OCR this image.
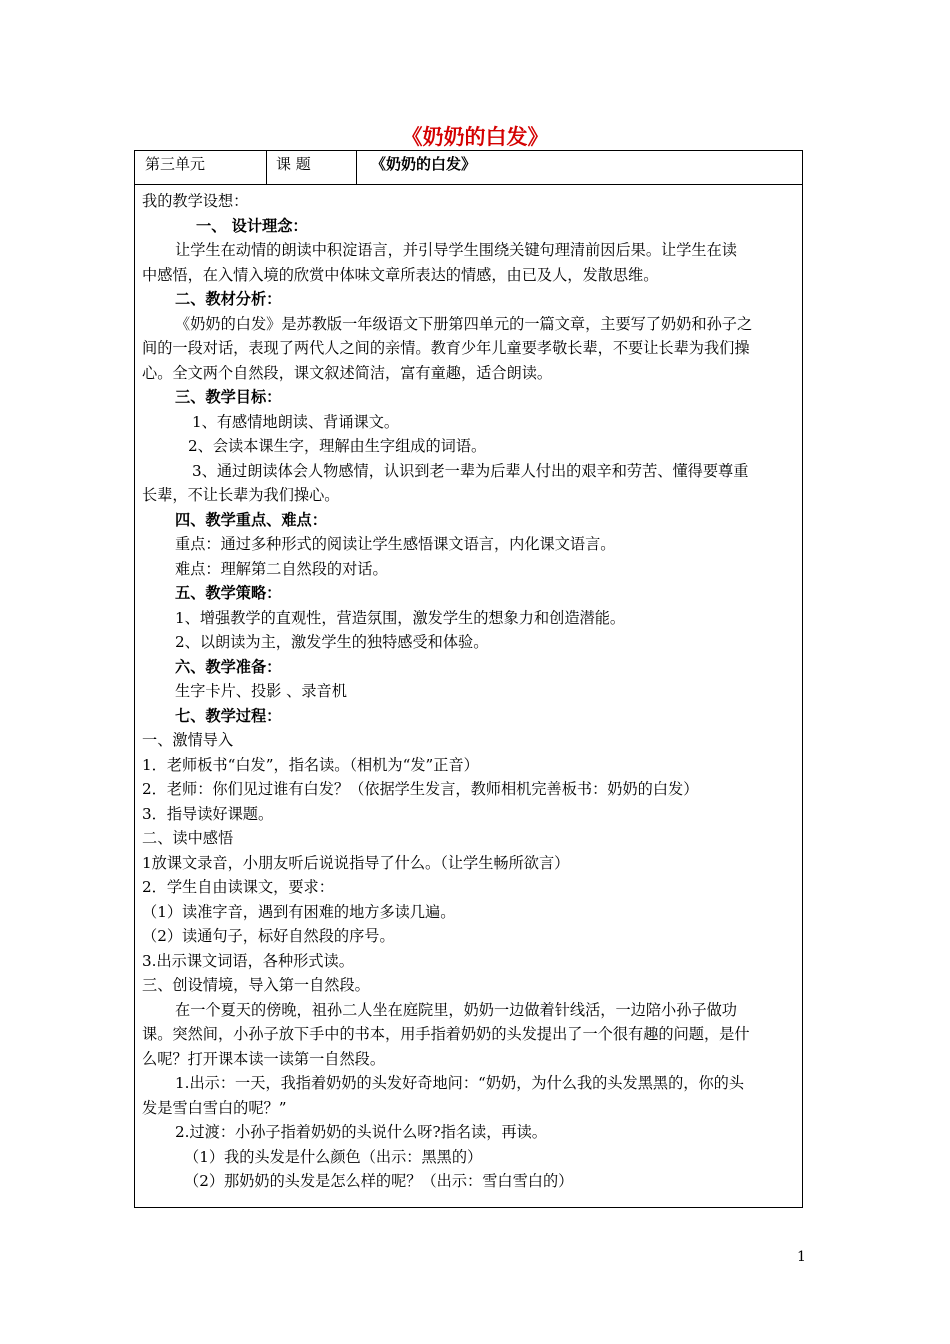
《奶奶的白发》
第三单元	课 题	《奶奶的白发》

我的教学设想：

一、 设计理念：

让学生在动情的朗读中积淀语言，并引导学生围绕关键句理清前因后果。让学生在读

中感悟，在入情入境的欣赏中体味文章所表达的情感，由已及人，发散思维。

二、教材分析：

《奶奶的白发》是苏教版一年级语文下册第四单元的一篇文章，主要写了奶奶和孙子之

间的一段对话，表现了两代人之间的亲情。教育少年儿童要孝敬长辈，不要让长辈为我们操

心。全文两个自然段，课文叙述简洁，富有童趣，适合朗读。

三、教学目标：

1、有感情地朗读、背诵课文。

2、会读本课生字，理解由生字组成的词语。

3、通过朗读体会人物感情，认识到老一辈为后辈人付出的艰辛和劳苦、懂得要尊重

长辈，不让长辈为我们操心。

四、教学重点、难点：

重点：通过多种形式的阅读让学生感悟课文语言，内化课文语言。

难点：理解第二自然段的对话。

五、教学策略：

1、增强教学的直观性，营造氛围，激发学生的想象力和创造潜能。

2、以朗读为主，激发学生的独特感受和体验。

六、教学准备：

生字卡片、投影 、录音机

七、教学过程：

一、激情导入

1．老师板书“白发”，指名读。（相机为“发”正音）

2．老师：你们见过谁有白发？（依据学生发言，教师相机完善板书：奶奶的白发）

3．指导读好课题。

二、读中感悟

1放课文录音，小朋友听后说说指导了什么。（让学生畅所欲言）

2．学生自由读课文，要求：

（1）读准字音，遇到有困难的地方多读几遍。

（2）读通句子，标好自然段的序号。

3.出示课文词语，各种形式读。

三、创设情境，导入第一自然段。

在一个夏天的傍晚，祖孙二人坐在庭院里，奶奶一边做着针线活，一边陪小孙子做功

课。突然间，小孙子放下手中的书本，用手指着奶奶的头发提出了一个很有趣的问题，是什

么呢？打开课本读一读第一自然段。

1.出示：一天，我指着奶奶的头发好奇地问：“奶奶，为什么我的头发黑黑的，你的头

发是雪白雪白的呢？”

2.过渡：小孙子指着奶奶的头说什么呀?指名读，再读。

（1）我的头发是什么颜色（出示：黑黑的）

（2）那奶奶的头发是怎么样的呢？（出示：雪白雪白的）

1
